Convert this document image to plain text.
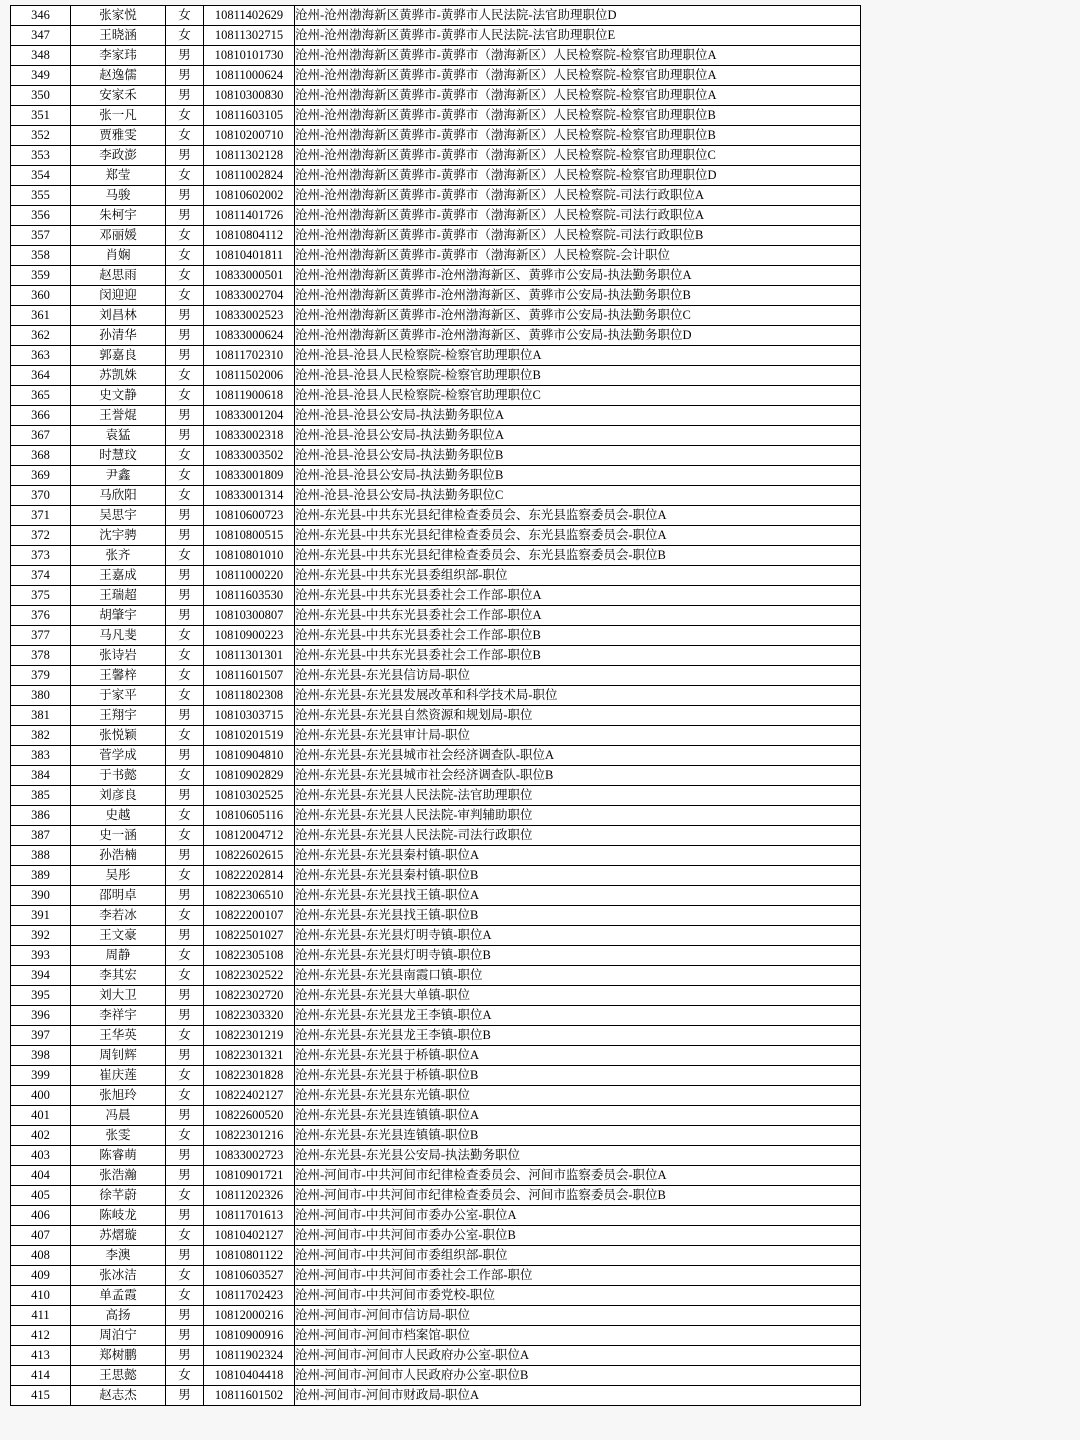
346	张家悦	女	10811402629	沧州-沧州渤海新区黄骅市-黄骅市人民法院-法官助理职位D
347	王晓涵	女	10811302715	沧州-沧州渤海新区黄骅市-黄骅市人民法院-法官助理职位E
348	李家玮	男	10810101730	沧州-沧州渤海新区黄骅市-黄骅市（渤海新区）人民检察院-检察官助理职位A
349	赵逸儒	男	10811000624	沧州-沧州渤海新区黄骅市-黄骅市（渤海新区）人民检察院-检察官助理职位A
350	安家禾	男	10810300830	沧州-沧州渤海新区黄骅市-黄骅市（渤海新区）人民检察院-检察官助理职位A
351	张一凡	女	10811603105	沧州-沧州渤海新区黄骅市-黄骅市（渤海新区）人民检察院-检察官助理职位B
352	贾雅雯	女	10810200710	沧州-沧州渤海新区黄骅市-黄骅市（渤海新区）人民检察院-检察官助理职位B
353	李政澎	男	10811302128	沧州-沧州渤海新区黄骅市-黄骅市（渤海新区）人民检察院-检察官助理职位C
354	郑莹	女	10811002824	沧州-沧州渤海新区黄骅市-黄骅市（渤海新区）人民检察院-检察官助理职位D
355	马骏	男	10810602002	沧州-沧州渤海新区黄骅市-黄骅市（渤海新区）人民检察院-司法行政职位A
356	朱柯宇	男	10811401726	沧州-沧州渤海新区黄骅市-黄骅市（渤海新区）人民检察院-司法行政职位A
357	邓丽媛	女	10810804112	沧州-沧州渤海新区黄骅市-黄骅市（渤海新区）人民检察院-司法行政职位B
358	肖娴	女	10810401811	沧州-沧州渤海新区黄骅市-黄骅市（渤海新区）人民检察院-会计职位
359	赵思雨	女	10833000501	沧州-沧州渤海新区黄骅市-沧州渤海新区、黄骅市公安局-执法勤务职位A
360	闵迎迎	女	10833002704	沧州-沧州渤海新区黄骅市-沧州渤海新区、黄骅市公安局-执法勤务职位B
361	刘昌林	男	10833002523	沧州-沧州渤海新区黄骅市-沧州渤海新区、黄骅市公安局-执法勤务职位C
362	孙清华	男	10833000624	沧州-沧州渤海新区黄骅市-沧州渤海新区、黄骅市公安局-执法勤务职位D
363	郭嘉良	男	10811702310	沧州-沧县-沧县人民检察院-检察官助理职位A
364	苏凯姝	女	10811502006	沧州-沧县-沧县人民检察院-检察官助理职位B
365	史文静	女	10811900618	沧州-沧县-沧县人民检察院-检察官助理职位C
366	王誉焜	男	10833001204	沧州-沧县-沧县公安局-执法勤务职位A
367	袁猛	男	10833002318	沧州-沧县-沧县公安局-执法勤务职位A
368	时慧玟	女	10833003502	沧州-沧县-沧县公安局-执法勤务职位B
369	尹鑫	女	10833001809	沧州-沧县-沧县公安局-执法勤务职位B
370	马欣阳	女	10833001314	沧州-沧县-沧县公安局-执法勤务职位C
371	吴思宇	男	10810600723	沧州-东光县-中共东光县纪律检查委员会、东光县监察委员会-职位A
372	沈宇骋	男	10810800515	沧州-东光县-中共东光县纪律检查委员会、东光县监察委员会-职位A
373	张齐	女	10810801010	沧州-东光县-中共东光县纪律检查委员会、东光县监察委员会-职位B
374	王嘉成	男	10811000220	沧州-东光县-中共东光县委组织部-职位
375	王瑞超	男	10811603530	沧州-东光县-中共东光县委社会工作部-职位A
376	胡肇宇	男	10810300807	沧州-东光县-中共东光县委社会工作部-职位A
377	马凡斐	女	10810900223	沧州-东光县-中共东光县委社会工作部-职位B
378	张诗岩	女	10811301301	沧州-东光县-中共东光县委社会工作部-职位B
379	王馨梓	女	10811601507	沧州-东光县-东光县信访局-职位
380	于家平	女	10811802308	沧州-东光县-东光县发展改革和科学技术局-职位
381	王翔宇	男	10810303715	沧州-东光县-东光县自然资源和规划局-职位
382	张悦颖	女	10810201519	沧州-东光县-东光县审计局-职位
383	菅学成	男	10810904810	沧州-东光县-东光县城市社会经济调查队-职位A
384	于书懿	女	10810902829	沧州-东光县-东光县城市社会经济调查队-职位B
385	刘彦良	男	10810302525	沧州-东光县-东光县人民法院-法官助理职位
386	史越	女	10810605116	沧州-东光县-东光县人民法院-审判辅助职位
387	史一涵	女	10812004712	沧州-东光县-东光县人民法院-司法行政职位
388	孙浩楠	男	10822602615	沧州-东光县-东光县秦村镇-职位A
389	吴彤	女	10822202814	沧州-东光县-东光县秦村镇-职位B
390	邵明卓	男	10822306510	沧州-东光县-东光县找王镇-职位A
391	李若冰	女	10822200107	沧州-东光县-东光县找王镇-职位B
392	王文豪	男	10822501027	沧州-东光县-东光县灯明寺镇-职位A
393	周静	女	10822305108	沧州-东光县-东光县灯明寺镇-职位B
394	李其宏	女	10822302522	沧州-东光县-东光县南霞口镇-职位
395	刘大卫	男	10822302720	沧州-东光县-东光县大单镇-职位
396	李祥宇	男	10822303320	沧州-东光县-东光县龙王李镇-职位A
397	王华英	女	10822301219	沧州-东光县-东光县龙王李镇-职位B
398	周钊辉	男	10822301321	沧州-东光县-东光县于桥镇-职位A
399	崔庆莲	女	10822301828	沧州-东光县-东光县于桥镇-职位B
400	张旭玲	女	10822402127	沧州-东光县-东光县东光镇-职位
401	冯晨	男	10822600520	沧州-东光县-东光县连镇镇-职位A
402	张雯	女	10822301216	沧州-东光县-东光县连镇镇-职位B
403	陈睿萌	男	10833002723	沧州-东光县-东光县公安局-执法勤务职位
404	张浩瀚	男	10810901721	沧州-河间市-中共河间市纪律检查委员会、河间市监察委员会-职位A
405	徐芊蔚	女	10811202326	沧州-河间市-中共河间市纪律检查委员会、河间市监察委员会-职位B
406	陈岐龙	男	10811701613	沧州-河间市-中共河间市委办公室-职位A
407	苏熠璇	女	10810402127	沧州-河间市-中共河间市委办公室-职位B
408	李澳	男	10810801122	沧州-河间市-中共河间市委组织部-职位
409	张冰洁	女	10810603527	沧州-河间市-中共河间市委社会工作部-职位
410	单孟霞	女	10811702423	沧州-河间市-中共河间市委党校-职位
411	高扬	男	10812000216	沧州-河间市-河间市信访局-职位
412	周泊宁	男	10810900916	沧州-河间市-河间市档案馆-职位
413	郑树鹏	男	10811902324	沧州-河间市-河间市人民政府办公室-职位A
414	王思懿	女	10810404418	沧州-河间市-河间市人民政府办公室-职位B
415	赵志杰	男	10811601502	沧州-河间市-河间市财政局-职位A
